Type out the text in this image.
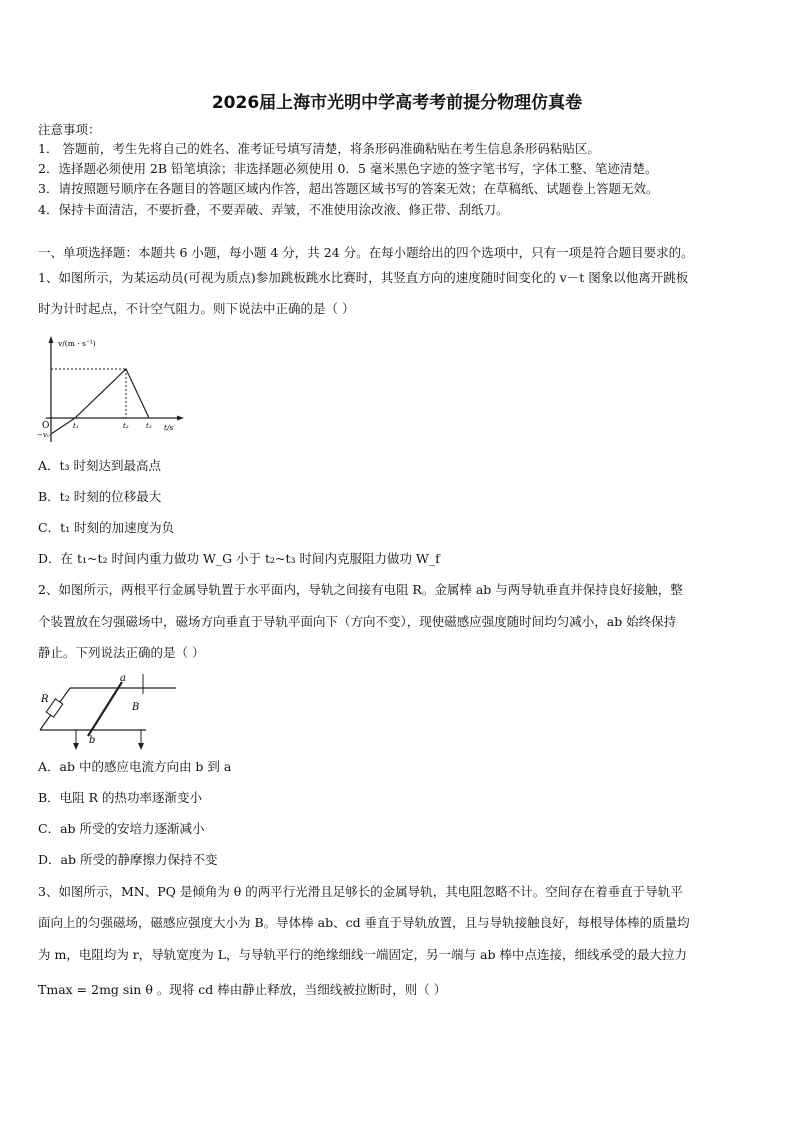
2026届上海市光明中学高考考前提分物理仿真卷
注意事项：
1． 答题前，考生先将自己的姓名、准考证号填写清楚，将条形码准确粘贴在考生信息条形码粘贴区。
2．选择题必须使用 2B 铅笔填涂；非选择题必须使用 0．5 毫米黑色字迹的签字笔书写，字体工整、笔迹清楚。
3．请按照题号顺序在各题目的答题区域内作答，超出答题区域书写的答案无效；在草稿纸、试题卷上答题无效。
4．保持卡面清洁，不要折叠，不要弄破、弄皱，不准使用涂改液、修正带、刮纸刀。
一、单项选择题：本题共 6 小题，每小题 4 分，共 24 分。在每小题给出的四个选项中，只有一项是符合题目要求的。
1、如图所示，为某运动员(可视为质点)参加跳板跳水比赛时，其竖直方向的速度随时间变化的 v－t 图象以他离开跳板
时为计时起点，不计空气阻力。则下说法中正确的是（ ）
v/(m · s⁻¹)
t/s
O
−v₀
t₁	t₂ t₃
A．t₃ 时刻达到最高点
B．t₂ 时刻的位移最大
C．t₁ 时刻的加速度为负
D．在 t₁~t₂ 时间内重力做功 W_G 小于 t₂~t₃ 时间内克服阻力做功 W_f
2、如图所示，两根平行金属导轨置于水平面内，导轨之间接有电阻 R。金属棒 ab 与两导轨垂直并保持良好接触，整
个装置放在匀强磁场中，磁场方向垂直于导轨平面向下（方向不变），现使磁感应强度随时间均匀减小，ab 始终保持
静止。下列说法正确的是（ ）
R
a
b
B
A．ab 中的感应电流方向由 b 到 a
B．电阻 R 的热功率逐渐变小
C．ab 所受的安培力逐渐减小
D．ab 所受的静摩擦力保持不变
3、如图所示，MN、PQ 是倾角为 θ 的两平行光滑且足够长的金属导轨，其电阻忽略不计。空间存在着垂直于导轨平
面向上的匀强磁场，磁感应强度大小为 B。导体棒 ab、cd 垂直于导轨放置，且与导轨接触良好，每根导体棒的质量均
为 m，电阻均为 r，导轨宽度为 L，与导轨平行的绝缘细线一端固定，另一端与 ab 棒中点连接，细线承受的最大拉力
Tmax = 2mg sin θ 。现将 cd 棒由静止释放，当细线被拉断时，则（ ）
